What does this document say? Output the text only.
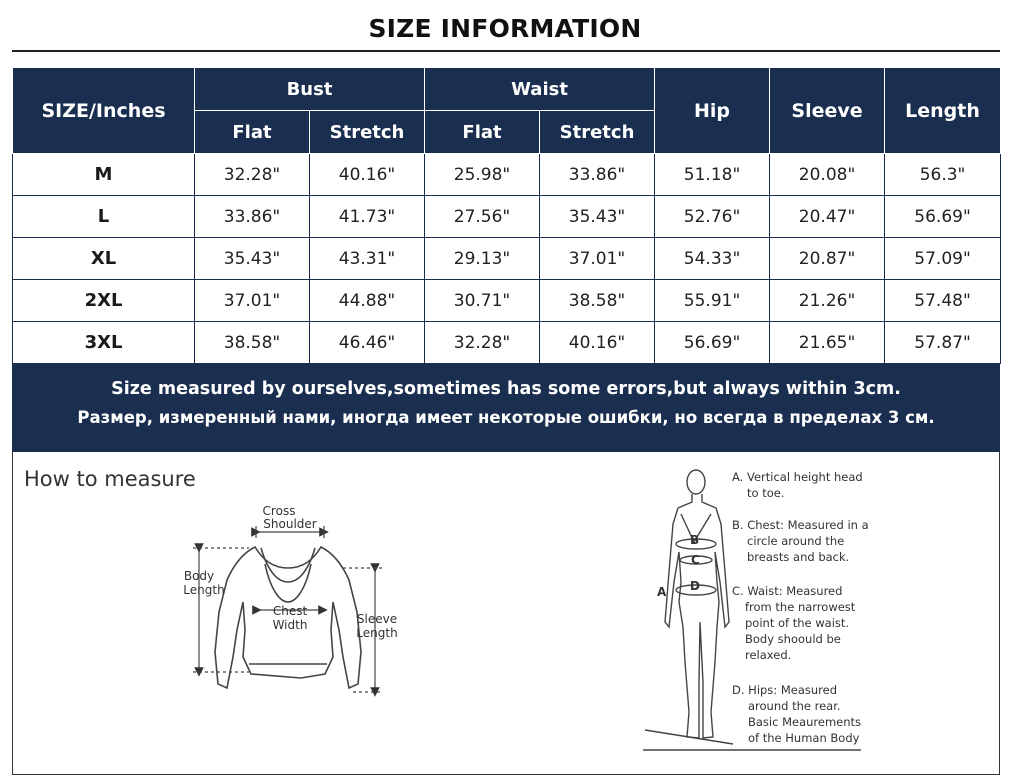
SIZE INFORMATION
SIZE/Inches	Bust		Waist		Hip	Sleeve	Length
	Flat	Stretch	Flat	Stretch			
M	32.28"	40.16"	25.98"	33.86"	51.18"	20.08"	56.3"
L	33.86"	41.73"	27.56"	35.43"	52.76"	20.47"	56.69"
XL	35.43"	43.31"	29.13"	37.01"	54.33"	20.87"	57.09"
2XL	37.01"	44.88"	30.71"	38.58"	55.91"	21.26"	57.48"
3XL	38.58"	46.46"	32.28"	40.16"	56.69"	21.65"	57.87"
Size measured by ourselves,sometimes has some errors,but always within 3cm.
Размер, измеренный нами, иногда имеет некоторые ошибки, но всегда в пределах 3 см.
How to measure
Cross
Shoulder
Body
Length
Chest
Width	Sleeve
Length
A
B
C
D
A. Vertical height head
to toe.
B. Chest: Measured in a
circle around the
breasts and back.
C. Waist: Measured
from the narrowest
point of the waist.
Body shoould be
relaxed.
D. Hips: Measured
around the rear.
Basic Meaurements
of the Human Body
